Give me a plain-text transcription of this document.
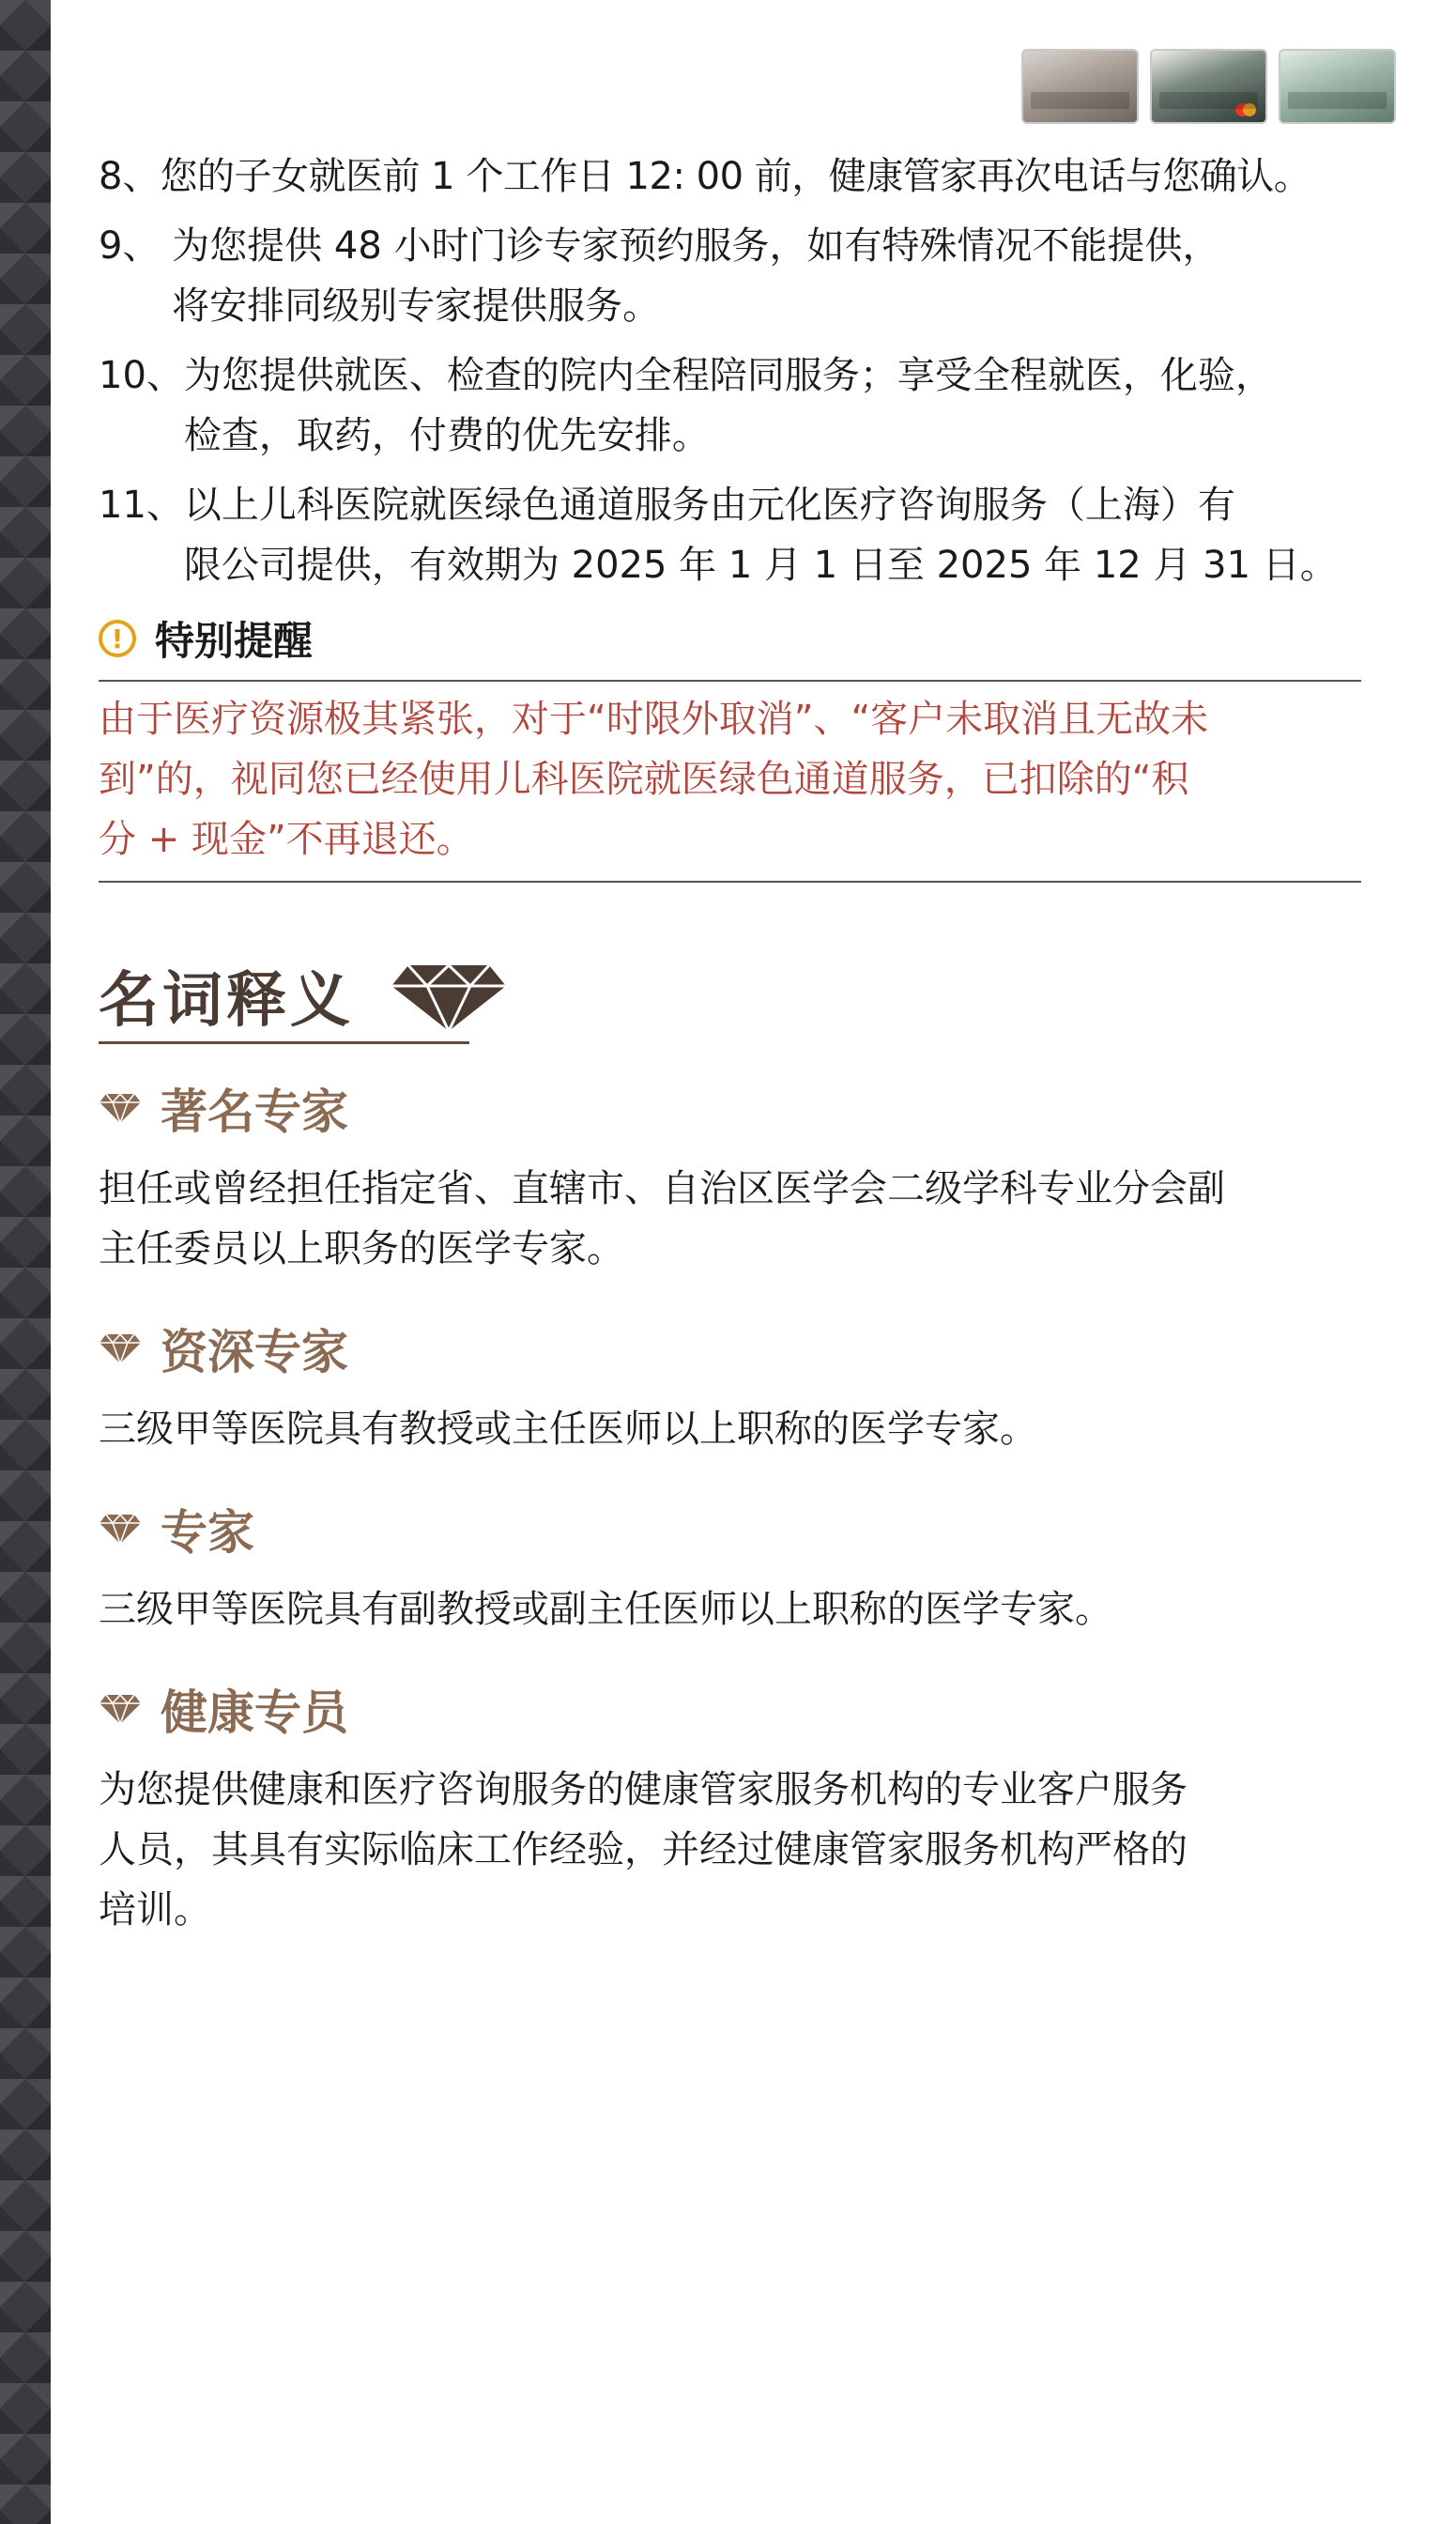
8、 您的子女就医前 1 个工作日 12: 00 前，健康管家再次电话与您确认。
9、 为您提供 48 小时门诊专家预约服务，如有特殊情况不能提供，
将安排同级别专家提供服务。
10、 为您提供就医、检查的院内全程陪同服务；享受全程就医，化验，
检查，取药，付费的优先安排。
11、 以上儿科医院就医绿色通道服务由元化医疗咨询服务（上海）有
限公司提供，有效期为 2025 年 1 月 1 日至 2025 年 12 月 31 日。
! 特别提醒

由于医疗资源极其紧张，对于“时限外取消”、“客户未取消且无故未

到”的，视同您已经使用儿科医院就医绿色通道服务，已扣除的“积

分 + 现金”不再退还。

名词释义
著名专家

担任或曾经担任指定省、直辖市、自治区医学会二级学科专业分会副
主任委员以上职务的医学专家。

资深专家

三级甲等医院具有教授或主任医师以上职称的医学专家。

专家

三级甲等医院具有副教授或副主任医师以上职称的医学专家。

健康专员

为您提供健康和医疗咨询服务的健康管家服务机构的专业客户服务
人员，其具有实际临床工作经验，并经过健康管家服务机构严格的
培训。
